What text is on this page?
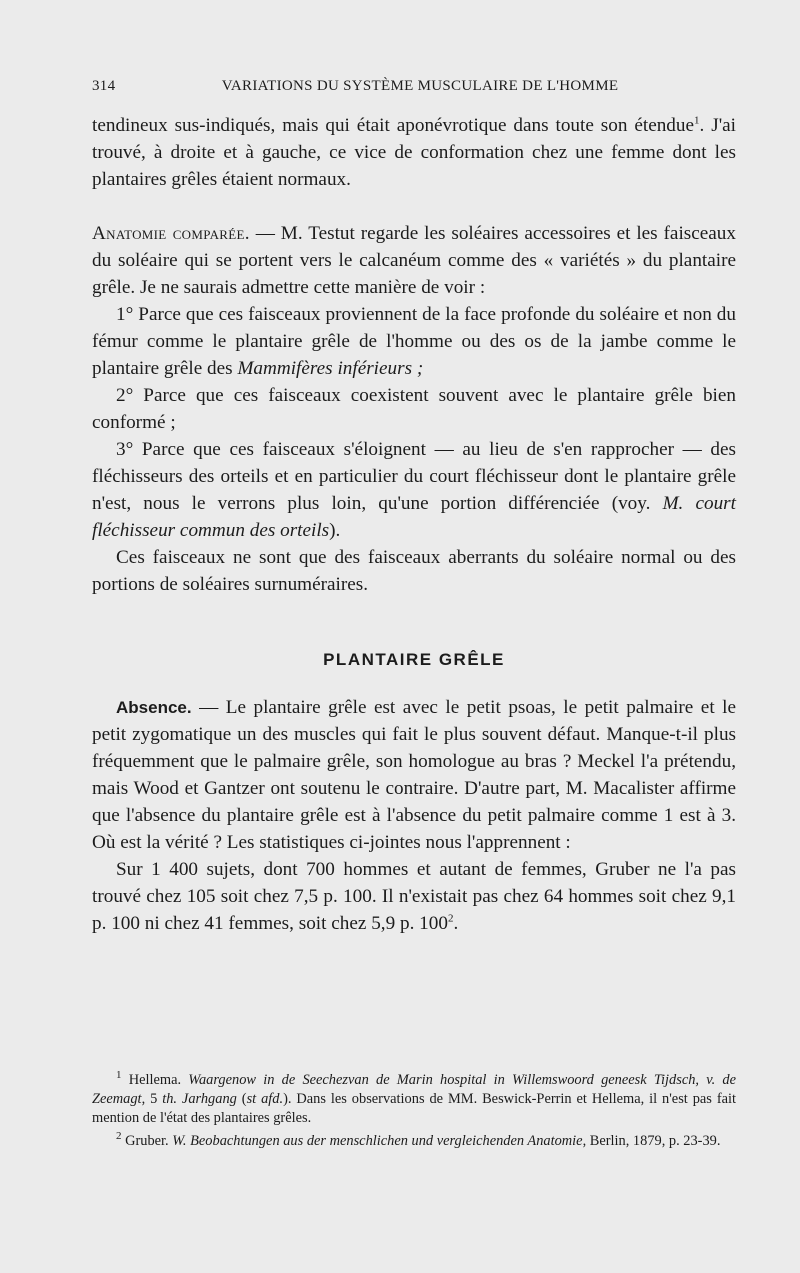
314	VARIATIONS DU SYSTÈME MUSCULAIRE DE L'HOMME

tendineux sus-indiqués, mais qui était aponévrotique dans toute son étendue$^1$. J'ai trouvé, à droite et à gauche, ce vice de conformation chez une femme dont les plantaires grêles étaient normaux.

Anatomie comparée. — M. Testut regarde les soléaires accessoires et les faisceaux du soléaire qui se portent vers le calcanéum comme des « variétés » du plantaire grêle. Je ne saurais admettre cette manière de voir :

1° Parce que ces faisceaux proviennent de la face profonde du soléaire et non du fémur comme le plantaire grêle de l'homme ou des os de la jambe comme le plantaire grêle des Mammifères inférieurs ;

2° Parce que ces faisceaux coexistent souvent avec le plantaire grêle bien conformé ;

3° Parce que ces faisceaux s'éloignent — au lieu de s'en rapprocher — des fléchisseurs des orteils et en particulier du court fléchisseur dont le plantaire grêle n'est, nous le verrons plus loin, qu'une portion différenciée (voy. M. court fléchisseur commun des orteils).

Ces faisceaux ne sont que des faisceaux aberrants du soléaire normal ou des portions de soléaires surnuméraires.

PLANTAIRE GRÊLE

Absence. — Le plantaire grêle est avec le petit psoas, le petit palmaire et le petit zygomatique un des muscles qui fait le plus souvent défaut. Manque-t-il plus fréquemment que le palmaire grêle, son homologue au bras ? Meckel l'a prétendu, mais Wood et Gantzer ont soutenu le contraire. D'autre part, M. Macalister affirme que l'absence du plantaire grêle est à l'absence du petit palmaire comme 1 est à 3. Où est la vérité ? Les statistiques ci-jointes nous l'apprennent :

Sur 1 400 sujets, dont 700 hommes et autant de femmes, Gruber ne l'a pas trouvé chez 105 soit chez 7,5 p. 100. Il n'existait pas chez 64 hommes soit chez 9,1 p. 100 ni chez 41 femmes, soit chez 5,9 p. $100^2$.

$^1$ Hellema. Waargenow in de Seechezvan de Marin hospital in Willemswoord geneesk Tijdsch, v. de Zeemagt, 5 th. Jarhgang (st afd.). Dans les observations de MM. Beswick-Perrin et Hellema, il n'est pas fait mention de l'état des plantaires grêles.

$^2$ Gruber. W. Beobachtungen aus der menschlichen und vergleichenden Anatomie, Berlin, 1879, p. 23-39.
